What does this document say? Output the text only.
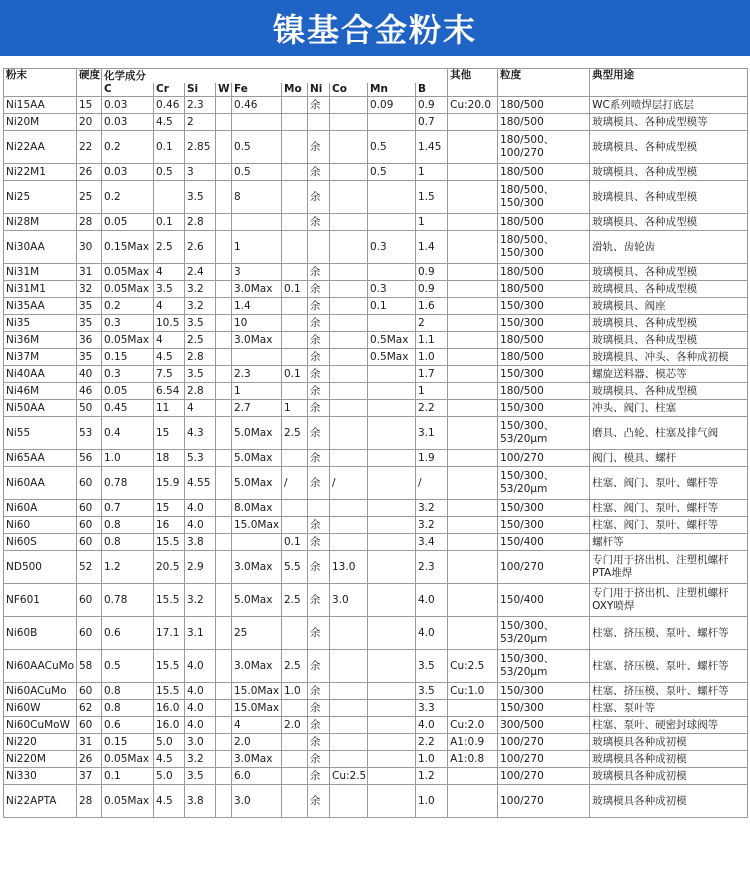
镍基合金粉末
粉末	硬度	化学成分										其他	粒度	典型用途
		C	Cr	Si	W	Fe	Mo	Ni	Co	Mn	B			
Ni15AA	15	0.03	0.46	2.3		0.46		余		0.09	0.9	Cu:20.0	180/500	WC系列喷焊层打底层
Ni20M	20	0.03	4.5	2							0.7		180/500	玻璃模具、各种成型模等
Ni22AA	22	0.2	0.1	2.85		0.5		余		0.5	1.45		180/500、100/270	玻璃模具、各种成型模
Ni22M1	26	0.03	0.5	3		0.5		余		0.5	1		180/500	玻璃模具、各种成型模
Ni25	25	0.2		3.5		8		余			1.5		180/500、150/300	玻璃模具、各种成型模
Ni28M	28	0.05	0.1	2.8				余			1		180/500	玻璃模具、各种成型模
Ni30AA	30	0.15Max	2.5	2.6		1				0.3	1.4		180/500、150/300	滑轨、齿轮齿
Ni31M	31	0.05Max	4	2.4		3		余			0.9		180/500	玻璃模具、各种成型模
Ni31M1	32	0.05Max	3.5	3.2		3.0Max	0.1	余		0.3	0.9		180/500	玻璃模具、各种成型模
Ni35AA	35	0.2	4	3.2		1.4		余		0.1	1.6		150/300	玻璃模具、阀座
Ni35	35	0.3	10.5	3.5		10		余			2		150/300	玻璃模具、各种成型模
Ni36M	36	0.05Max	4	2.5		3.0Max		余		0.5Max	1.1		180/500	玻璃模具、各种成型模
Ni37M	35	0.15	4.5	2.8				余		0.5Max	1.0		180/500	玻璃模具、冲头、各种成初模
Ni40AA	40	0.3	7.5	3.5		2.3	0.1	余			1.7		150/300	螺旋送料器、模芯等
Ni46M	46	0.05	6.54	2.8		1		余			1		180/500	玻璃模具、各种成型模
Ni50AA	50	0.45	11	4		2.7	1	余			2.2		150/300	冲头、阀门、柱塞
Ni55	53	0.4	15	4.3		5.0Max	2.5	余			3.1		150/300、53/20μm	磨具、凸轮、柱塞及排气阀
Ni65AA	56	1.0	18	5.3		5.0Max		余			1.9		100/270	阀门、模具、螺杆
Ni60AA	60	0.78	15.9	4.55		5.0Max	/	余	/		/		150/300、53/20μm	柱塞、阀门、泵叶、螺杆等
Ni60A	60	0.7	15	4.0		8.0Max					3.2		150/300	柱塞、阀门、泵叶、螺杆等
Ni60	60	0.8	16	4.0		15.0Max		余			3.2		150/300	柱塞、阀门、泵叶、螺杆等
Ni60S	60	0.8	15.5	3.8			0.1	余			3.4		150/400	螺杆等
ND500	52	1.2	20.5	2.9		3.0Max	5.5	余	13.0		2.3		100/270	专门用于挤出机、注塑机螺杆PTA堆焊
NF601	60	0.78	15.5	3.2		5.0Max	2.5	余	3.0		4.0		150/400	专门用于挤出机、注塑机螺杆OXY喷焊
Ni60B	60	0.6	17.1	3.1		25		余			4.0		150/300、53/20μm	柱塞、挤压模、泵叶、螺杆等
Ni60AACuMo	58	0.5	15.5	4.0		3.0Max	2.5	余			3.5	Cu:2.5	150/300、53/20μm	柱塞、挤压模、泵叶、螺杆等
Ni60ACuMo	60	0.8	15.5	4.0		15.0Max	1.0	余			3.5	Cu:1.0	150/300	柱塞、挤压模、泵叶、螺杆等
Ni60W	62	0.8	16.0	4.0		15.0Max		余			3.3		150/300	柱塞、泵叶等
Ni60CuMoW	60	0.6	16.0	4.0		4	2.0	余			4.0	Cu:2.0	300/500	柱塞、泵叶、硬密封球阀等
Ni220	31	0.15	5.0	3.0		2.0		余			2.2	A1:0.9	100/270	玻璃模具各种成初模
Ni220M	26	0.05Max	4.5	3.2		3.0Max		余			1.0	A1:0.8	100/270	玻璃模具各种成初模
Ni330	37	0.1	5.0	3.5		6.0		余	Cu:2.5		1.2		100/270	玻璃模具各种成初模
Ni22APTA	28	0.05Max	4.5	3.8		3.0		余			1.0		100/270	玻璃模具各种成初模
